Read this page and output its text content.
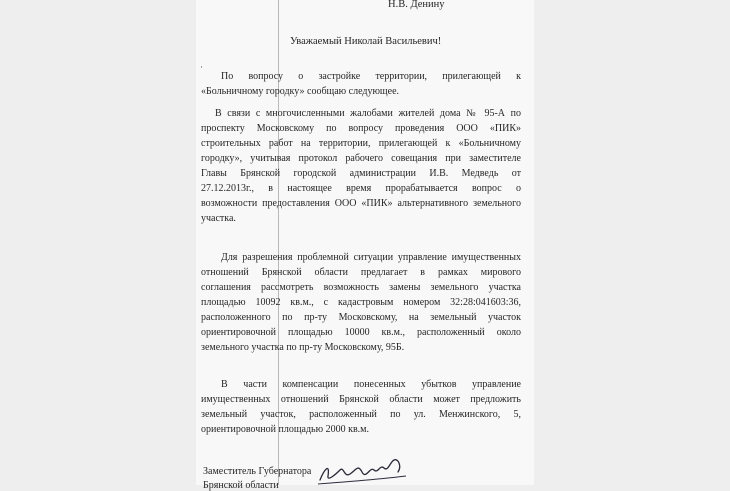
·
Н.В. Денину
Уважаемый Николай Васильевич!
По вопросу о застройке территории, прилегающей к
«Больничному городку» сообщаю следующее.
В связи с многочисленными жалобами жителей дома № 95-А по
проспекту Московскому по вопросу проведения ООО «ПИК»
строительных работ на территории, прилегающей к «Больничному
городку», учитывая протокол рабочего совещания при заместителе
Главы Брянской городской администрации И.В. Медведь от
27.12.2013г., в настоящее время прорабатывается вопрос о
возможности предоставления ООО «ПИК» альтернативного земельного
участка.
Для разрешения проблемной ситуации управление имущественных
отношений Брянской области предлагает в рамках мирового
соглашения рассмотреть возможность замены земельного участка
площадью 10092 кв.м., с кадастровым номером 32:28:041603:36,
расположенного по пр-ту Московскому, на земельный участок
ориентировочной площадью 10000 кв.м., расположенный около
земельного участка по пр-ту Московскому, 95Б.
В части компенсации понесенных убытков управление
имущественных отношений Брянской области может предложить
земельный участок, расположенный по ул. Менжинского, 5,
ориентировочной площадью 2000 кв.м.
Заместитель Губернатора
Брянской области
